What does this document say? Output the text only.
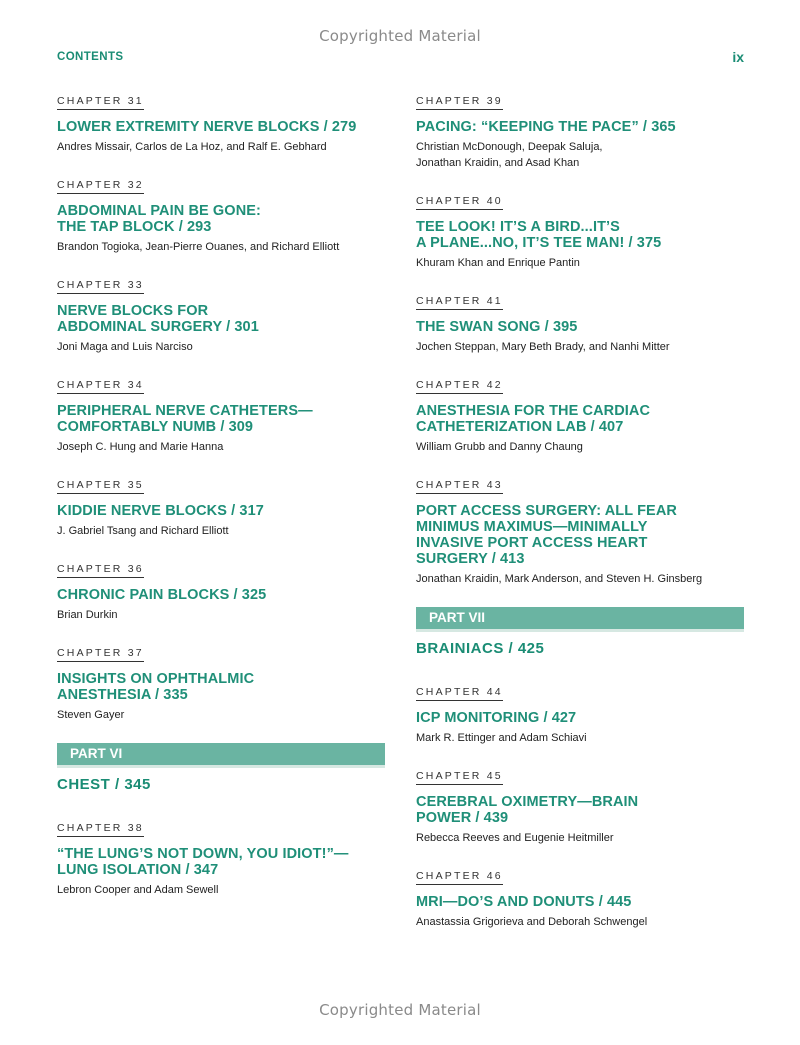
Copyrighted Material
CONTENTS	ix
CHAPTER 31
LOWER EXTREMITY NERVE BLOCKS / 279
Andres Missair, Carlos de La Hoz, and Ralf E. Gebhard
CHAPTER 32
ABDOMINAL PAIN BE GONE:
THE TAP BLOCK / 293
Brandon Togioka, Jean-Pierre Ouanes, and Richard Elliott
CHAPTER 33
NERVE BLOCKS FOR
ABDOMINAL SURGERY / 301
Joni Maga and Luis Narciso
CHAPTER 34
PERIPHERAL NERVE CATHETERS—
COMFORTABLY NUMB / 309
Joseph C. Hung and Marie Hanna
CHAPTER 35
KIDDIE NERVE BLOCKS / 317
J. Gabriel Tsang and Richard Elliott
CHAPTER 36
CHRONIC PAIN BLOCKS / 325
Brian Durkin
CHAPTER 37
INSIGHTS ON OPHTHALMIC
ANESTHESIA / 335
Steven Gayer
PART VI
CHEST / 345
CHAPTER 38
“THE LUNG’S NOT DOWN, YOU IDIOT!”—
LUNG ISOLATION / 347
Lebron Cooper and Adam Sewell
CHAPTER 39
PACING: “KEEPING THE PACE” / 365
Christian McDonough, Deepak Saluja,
Jonathan Kraidin, and Asad Khan
CHAPTER 40
TEE LOOK! IT’S A BIRD...IT’S
A PLANE...NO, IT’S TEE MAN! / 375
Khuram Khan and Enrique Pantin
CHAPTER 41
THE SWAN SONG / 395
Jochen Steppan, Mary Beth Brady, and Nanhi Mitter
CHAPTER 42
ANESTHESIA FOR THE CARDIAC
CATHETERIZATION LAB / 407
William Grubb and Danny Chaung
CHAPTER 43
PORT ACCESS SURGERY: ALL FEAR
MINIMUS MAXIMUS—MINIMALLY
INVASIVE PORT ACCESS HEART
SURGERY / 413
Jonathan Kraidin, Mark Anderson, and Steven H. Ginsberg
PART VII
BRAINIACS / 425
CHAPTER 44
ICP MONITORING / 427
Mark R. Ettinger and Adam Schiavi
CHAPTER 45
CEREBRAL OXIMETRY—BRAIN
POWER / 439
Rebecca Reeves and Eugenie Heitmiller
CHAPTER 46
MRI—DO’S AND DONUTS / 445
Anastassia Grigorieva and Deborah Schwengel
Copyrighted Material
